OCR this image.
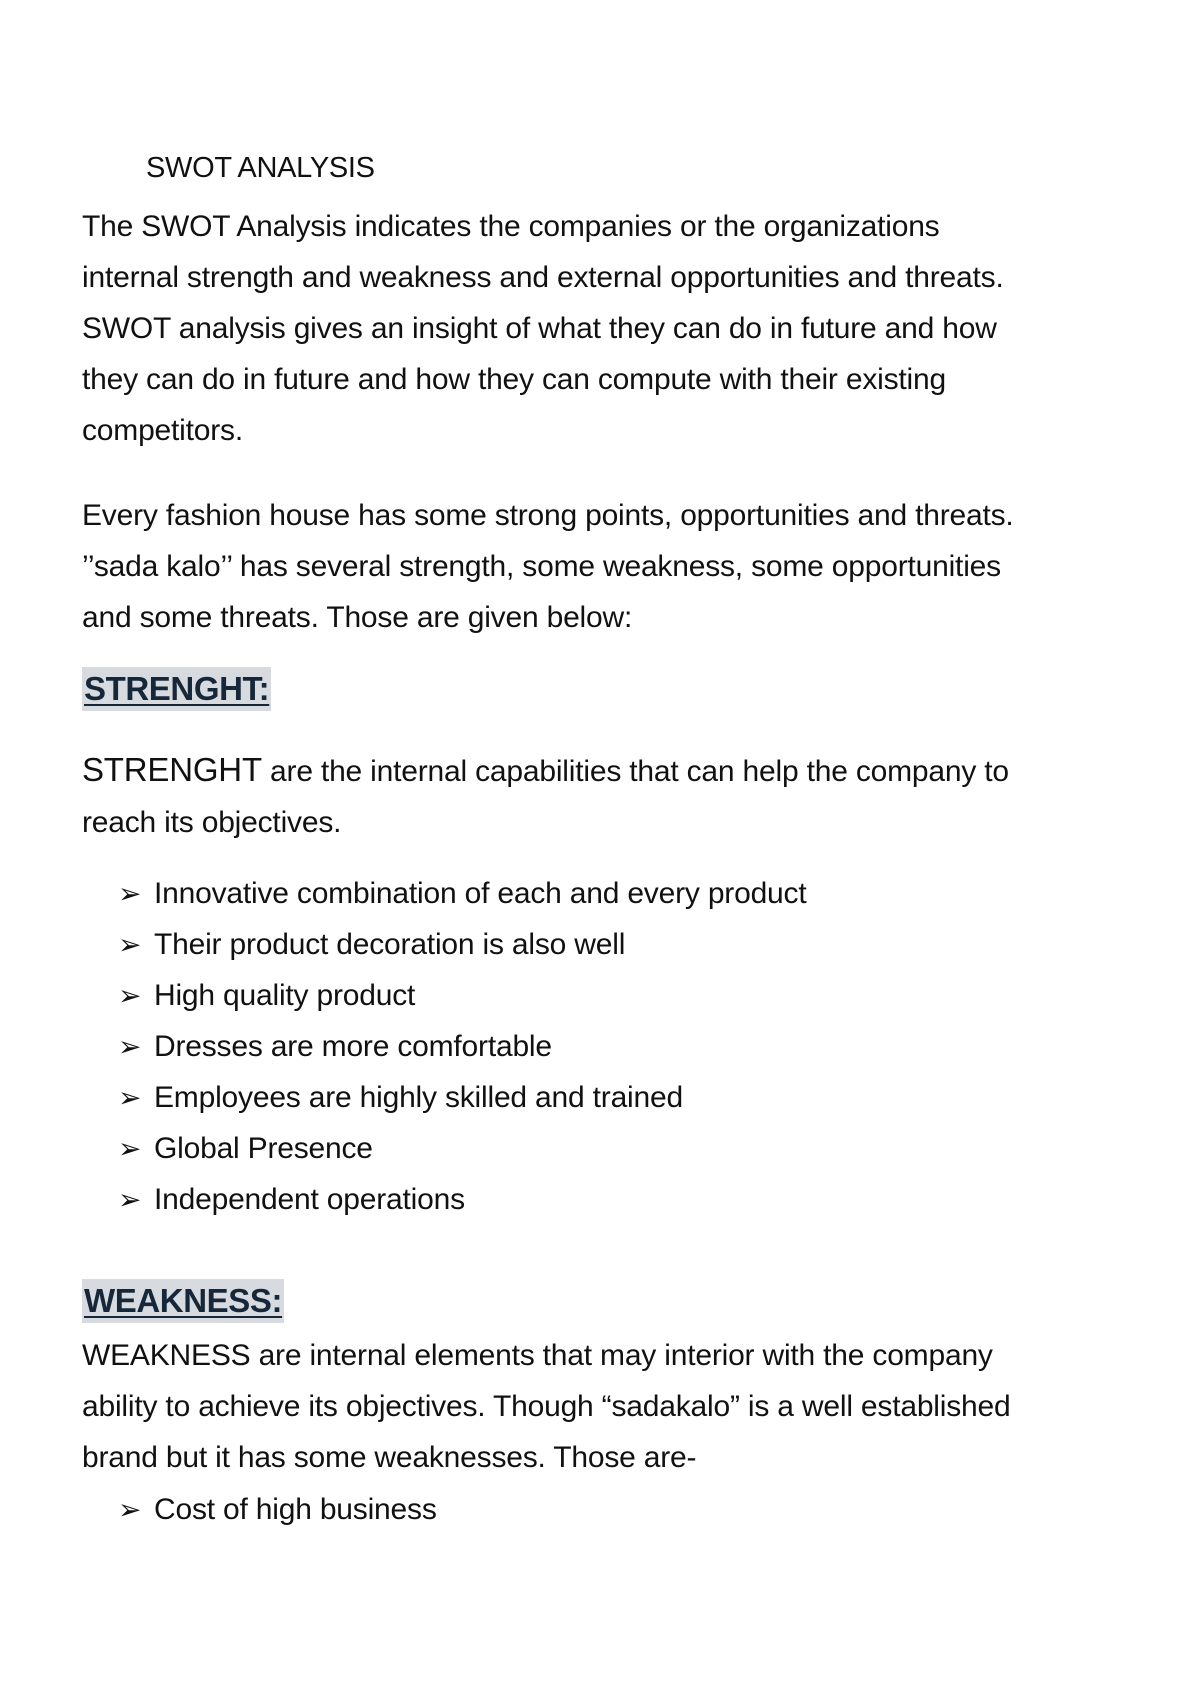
SWOT ANALYSIS

The SWOT Analysis indicates the companies or the organizations
internal strength and weakness and external opportunities and threats.
SWOT analysis gives an insight of what they can do in future and how
they can do in future and how they can compute with their existing
competitors.

Every fashion house has some strong points, opportunities and threats.
’’sada kalo’’ has several strength, some weakness, some opportunities
and some threats. Those are given below:

STRENGHT:

STRENGHT are the internal capabilities that can help the company to
reach its objectives.

➢ Innovative combination of each and every product
➢ Their product decoration is also well
➢ High quality product
➢ Dresses are more comfortable
➢ Employees are highly skilled and trained
➢ Global Presence
➢ Independent operations
WEAKNESS:

WEAKNESS are internal elements that may interior with the company
ability to achieve its objectives. Though “sadakalo” is a well established
brand but it has some weaknesses. Those are-

➢ Cost of high business
